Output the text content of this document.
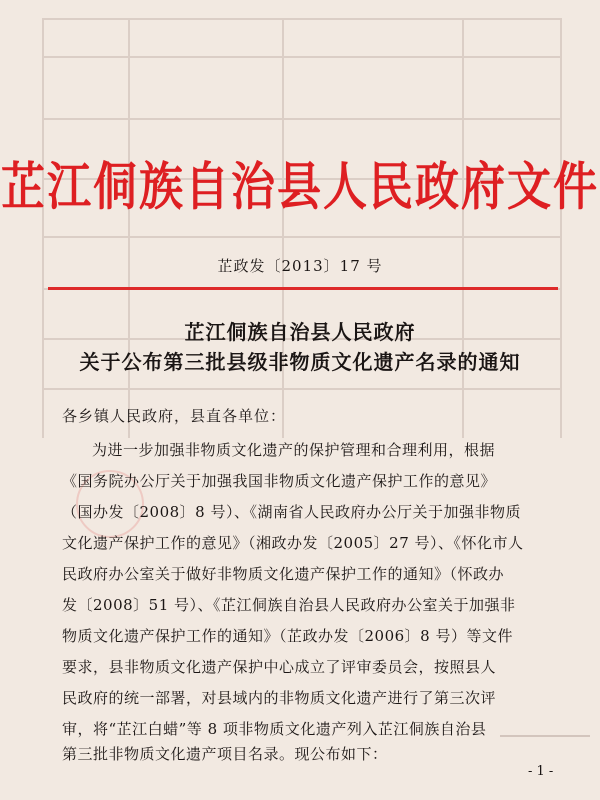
芷江侗族自治县人民政府文件
芷政发〔2013〕17 号
芷江侗族自治县人民政府
关于公布第三批县级非物质文化遗产名录的通知
各乡镇人民政府，县直各单位：
为进一步加强非物质文化遗产的保护管理和合理利用，根据
《国务院办公厅关于加强我国非物质文化遗产保护工作的意见》
（国办发〔2008〕8 号）、《湖南省人民政府办公厅关于加强非物质
文化遗产保护工作的意见》（湘政办发〔2005〕27 号）、《怀化市人
民政府办公室关于做好非物质文化遗产保护工作的通知》（怀政办
发〔2008〕51 号）、《芷江侗族自治县人民政府办公室关于加强非
物质文化遗产保护工作的通知》（芷政办发〔2006〕8 号）等文件
要求，县非物质文化遗产保护中心成立了评审委员会，按照县人
民政府的统一部署，对县域内的非物质文化遗产进行了第三次评
审，将“芷江白蜡”等 8 项非物质文化遗产列入芷江侗族自治县
第三批非物质文化遗产项目名录。现公布如下：
- 1 -
